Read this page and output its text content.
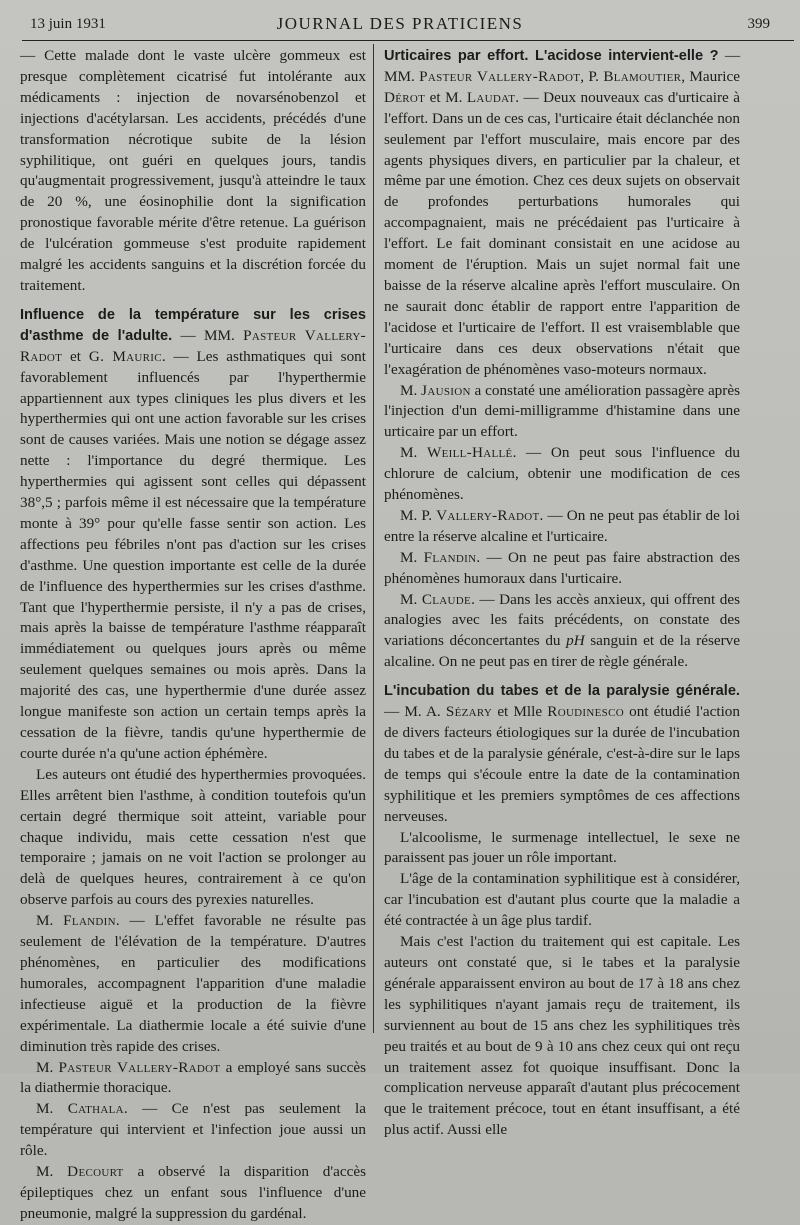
13 juin 1931	JOURNAL DES PRATICIENS	399

— Cette malade dont le vaste ulcère gommeux est presque complètement cicatrisé fut intolérante aux médicaments : injection de novarsénobenzol et injections d'acétylarsan. Les accidents, précédés d'une transformation nécrotique subite de la lésion syphilitique, ont guéri en quelques jours, tandis qu'augmentait progressivement, jusqu'à atteindre le taux de 20 %, une éosinophilie dont la signification pronostique favorable mérite d'être retenue. La guérison de l'ulcération gommeuse s'est produite rapidement malgré les accidents sanguins et la discrétion forcée du traitement.

Influence de la température sur les crises d'asthme de l'adulte. — MM. Pasteur Vallery-Radot et G. Mauric. — Les asthmatiques qui sont favorablement influencés par l'hyperthermie appartiennent aux types cliniques les plus divers et les hyperthermies qui ont une action favorable sur les crises sont de causes variées. Mais une notion se dégage assez nette : l'importance du degré thermique. Les hyperthermies qui agissent sont celles qui dépassent 38°,5 ; parfois même il est nécessaire que la température monte à 39° pour qu'elle fasse sentir son action. Les affections peu fébriles n'ont pas d'action sur les crises d'asthme. Une question importante est celle de la durée de l'influence des hyperthermies sur les crises d'asthme. Tant que l'hyperthermie persiste, il n'y a pas de crises, mais après la baisse de température l'asthme réapparaît immédiatement ou quelques jours après ou même seulement quelques semaines ou mois après. Dans la majorité des cas, une hyperthermie d'une durée assez longue manifeste son action un certain temps après la cessation de la fièvre, tandis qu'une hyperthermie de courte durée n'a qu'une action éphémère.

Les auteurs ont étudié des hyperthermies provoquées. Elles arrêtent bien l'asthme, à condition toutefois qu'un certain degré thermique soit atteint, variable pour chaque individu, mais cette cessation n'est que temporaire ; jamais on ne voit l'action se prolonger au delà de quelques heures, contrairement à ce qu'on observe parfois au cours des pyrexies naturelles.

M. Flandin. — L'effet favorable ne résulte pas seulement de l'élévation de la température. D'autres phénomènes, en particulier des modifications humorales, accompagnent l'apparition d'une maladie infectieuse aiguë et la production de la fièvre expérimentale. La diathermie locale a été suivie d'une diminution très rapide des crises.

M. Pasteur Vallery-Radot a employé sans succès la diathermie thoracique.

M. Cathala. — Ce n'est pas seulement la température qui intervient et l'infection joue aussi un rôle.

M. Decourt a observé la disparition d'accès épileptiques chez un enfant sous l'influence d'une pneumonie, malgré la suppression du gardénal.

Urticaires par effort. L'acidose intervient-elle ? — MM. Pasteur Vallery-Radot, P. Blamoutier, Maurice Dérot et M. Laudat. — Deux nouveaux cas d'urticaire à l'effort. Dans un de ces cas, l'urticaire était déclanchée non seulement par l'effort musculaire, mais encore par des agents physiques divers, en particulier par la chaleur, et même par une émotion. Chez ces deux sujets on observait de profondes perturbations humorales qui accompagnaient, mais ne précédaient pas l'urticaire à l'effort. Le fait dominant consistait en une acidose au moment de l'éruption. Mais un sujet normal fait une baisse de la réserve alcaline après l'effort musculaire. On ne saurait donc établir de rapport entre l'apparition de l'acidose et l'urticaire de l'effort. Il est vraisemblable que l'urticaire dans ces deux observations n'était que l'exagération de phénomènes vaso-moteurs normaux.

M. Jausion a constaté une amélioration passagère après l'injection d'un demi-milligramme d'histamine dans une urticaire par un effort.

M. Weill-Hallé. — On peut sous l'influence du chlorure de calcium, obtenir une modification de ces phénomènes.

M. P. Vallery-Radot. — On ne peut pas établir de loi entre la réserve alcaline et l'urticaire.

M. Flandin. — On ne peut pas faire abstraction des phénomènes humoraux dans l'urticaire.

M. Claude. — Dans les accès anxieux, qui offrent des analogies avec les faits précédents, on constate des variations déconcertantes du pH sanguin et de la réserve alcaline. On ne peut pas en tirer de règle générale.

L'incubation du tabes et de la paralysie générale. — M. A. Sézary et Mlle Roudinesco ont étudié l'action de divers facteurs étiologiques sur la durée de l'incubation du tabes et de la paralysie générale, c'est-à-dire sur le laps de temps qui s'écoule entre la date de la contamination syphilitique et les premiers symptômes de ces affections nerveuses.

L'alcoolisme, le surmenage intellectuel, le sexe ne paraissent pas jouer un rôle important.

L'âge de la contamination syphilitique est à considérer, car l'incubation est d'autant plus courte que la maladie a été contractée à un âge plus tardif.

Mais c'est l'action du traitement qui est capitale. Les auteurs ont constaté que, si le tabes et la paralysie générale apparaissent environ au bout de 17 à 18 ans chez les syphilitiques n'ayant jamais reçu de traitement, ils surviennent au bout de 15 ans chez les syphilitiques très peu traités et au bout de 9 à 10 ans chez ceux qui ont reçu un traitement assez fot quoique insuffisant. Donc la complication nerveuse apparaît d'autant plus précocement que le traitement précoce, tout en étant insuffisant, a été plus actif. Aussi elle
